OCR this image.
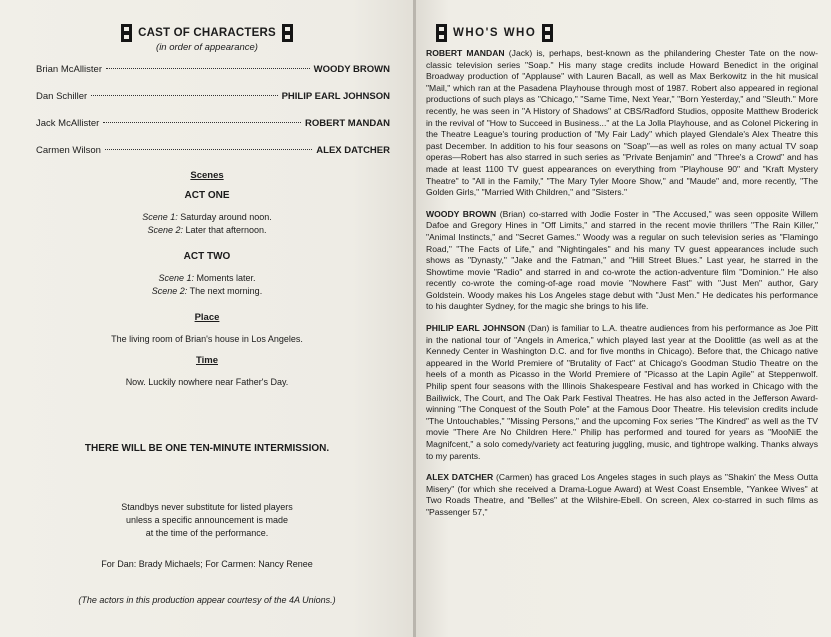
CAST OF CHARACTERS
(in order of appearance)
Brian McAllister	WOODY BROWN
Dan Schiller	PHILIP EARL JOHNSON
Jack McAllister	ROBERT MANDAN
Carmen Wilson	ALEX DATCHER
Scenes
ACT ONE
Scene 1: Saturday around noon.
Scene 2: Later that afternoon.
ACT TWO
Scene 1: Moments later.
Scene 2: The next morning.
Place
The living room of Brian's house in Los Angeles.
Time
Now. Luckily nowhere near Father's Day.
THERE WILL BE ONE TEN-MINUTE INTERMISSION.
Standbys never substitute for listed players
unless a specific announcement is made
at the time of the performance.
For Dan: Brady Michaels; For Carmen: Nancy Renee
(The actors in this production appear courtesy of the 4A Unions.)
WHO'S WHO

ROBERT MANDAN (Jack) is, perhaps, best-known as the philandering Chester Tate on the now-classic television series "Soap." His many stage credits include Howard Benedict in the original Broadway production of "Applause" with Lauren Bacall, as well as Max Berkowitz in the hit musical "Mail," which ran at the Pasadena Playhouse through most of 1987. Robert also appeared in regional productions of such plays as "Chicago," "Same Time, Next Year," "Born Yesterday," and "Sleuth." More recently, he was seen in "A History of Shadows" at CBS/Radford Studios, opposite Matthew Broderick in the revival of "How to Succeed in Business..." at the La Jolla Playhouse, and as Colonel Pickering in the Theatre League's touring production of "My Fair Lady" which played Glendale's Alex Theatre this past December. In addition to his four seasons on "Soap"—as well as roles on many actual TV soap operas—Robert has also starred in such series as "Private Benjamin" and "Three's a Crowd" and has made at least 1100 TV guest appearances on everything from "Playhouse 90" and "Kraft Mystery Theatre" to "All in the Family," "The Mary Tyler Moore Show," and "Maude" and, more recently, "The Golden Girls," "Married With Children," and "Sisters."

WOODY BROWN (Brian) co-starred with Jodie Foster in "The Accused," was seen opposite Willem Dafoe and Gregory Hines in "Off Limits," and starred in the recent movie thrillers "The Rain Killer," "Animal Instincts," and "Secret Games." Woody was a regular on such television series as "Flamingo Road," "The Facts of Life," and "Nightingales" and his many TV guest appearances include such shows as "Dynasty," "Jake and the Fatman," and "Hill Street Blues." Last year, he starred in the Showtime movie "Radio" and starred in and co-wrote the action-adventure film "Dominion." He also recently co-wrote the coming-of-age road movie "Nowhere Fast" with "Just Men" author, Gary Goldstein. Woody makes his Los Angeles stage debut with "Just Men." He dedicates his performance to his daughter Sydney, for the magic she brings to his life.

PHILIP EARL JOHNSON (Dan) is familiar to L.A. theatre audiences from his performance as Joe Pitt in the national tour of "Angels in America," which played last year at the Doolittle (as well as at the Kennedy Center in Washington D.C. and for five months in Chicago). Before that, the Chicago native appeared in the World Premiere of "Brutality of Fact" at Chicago's Goodman Studio Theatre on the heels of a month as Picasso in the World Premiere of "Picasso at the Lapin Agile" at Steppenwolf. Philip spent four seasons with the Illinois Shakespeare Festival and has worked in Chicago with the Bailiwick, The Court, and The Oak Park Festival Theatres. He has also acted in the Jefferson Award-winning "The Conquest of the South Pole" at the Famous Door Theatre. His television credits include "The Untouchables," "Missing Persons," and the upcoming Fox series "The Kindred" as well as the TV movie "There Are No Children Here." Philip has performed and toured for years as "MooNiE the Magnifcent," a solo comedy/variety act featuring juggling, music, and tightrope walking. Thanks always to my parents.

ALEX DATCHER (Carmen) has graced Los Angeles stages in such plays as "Shakin' the Mess Outta Misery" (for which she received a Drama-Logue Award) at West Coast Ensemble, "Yankee Wives" at Two Roads Theatre, and "Belles" at the Wilshire-Ebell. On screen, Alex co-starred in such films as "Passenger 57,"
